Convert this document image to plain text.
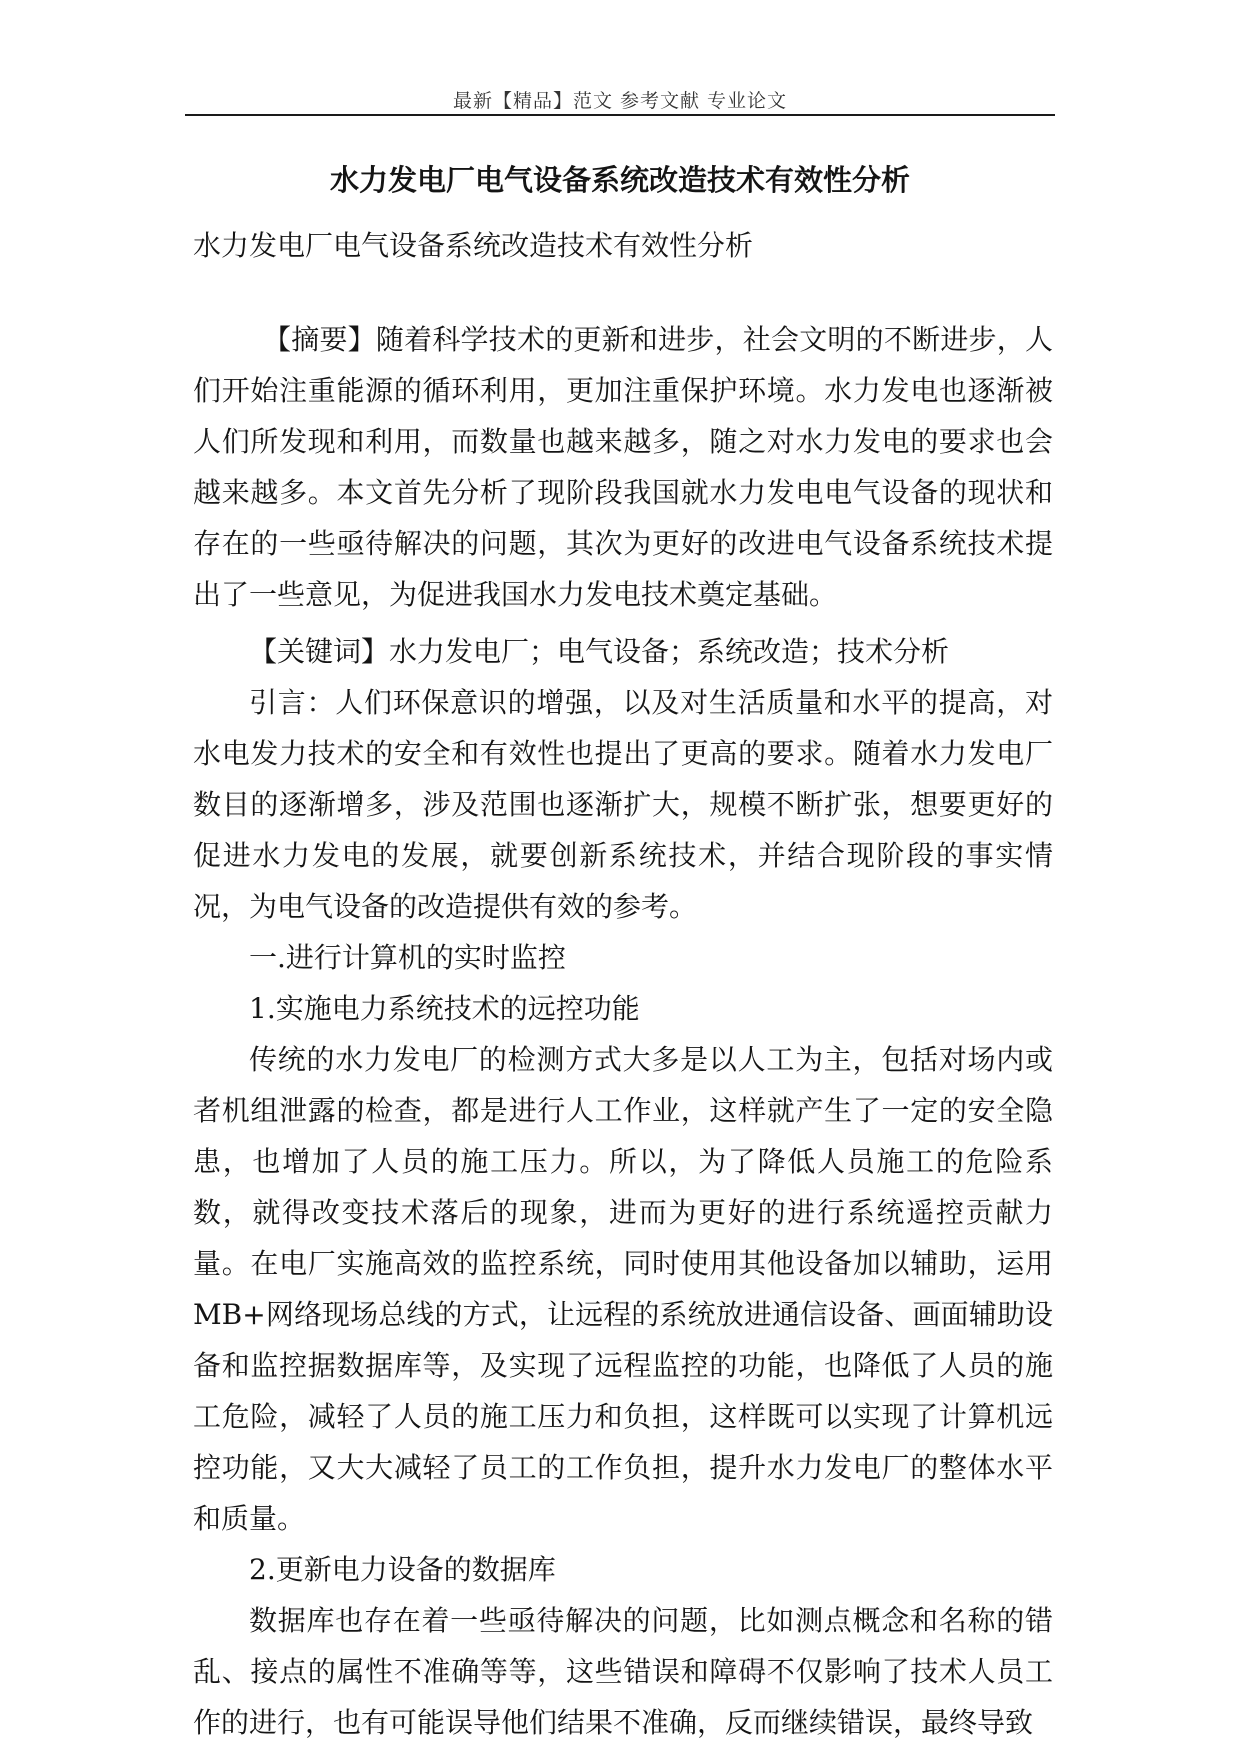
最新【精品】范文 参考文献 专业论文
水力发电厂电气设备系统改造技术有效性分析

水力发电厂电气设备系统改造技术有效性分析

【摘要】随着科学技术的更新和进步，社会文明的不断进步，人们开始注重能源的循环利用，更加注重保护环境。水力发电也逐渐被人们所发现和利用，而数量也越来越多，随之对水力发电的要求也会越来越多。本文首先分析了现阶段我国就水力发电电气设备的现状和存在的一些亟待解决的问题，其次为更好的改进电气设备系统技术提出了一些意见，为促进我国水力发电技术奠定基础。

【关键词】水力发电厂；电气设备；系统改造；技术分析

引言：人们环保意识的增强，以及对生活质量和水平的提高，对水电发力技术的安全和有效性也提出了更高的要求。随着水力发电厂数目的逐渐增多，涉及范围也逐渐扩大，规模不断扩张，想要更好的促进水力发电的发展，就要创新系统技术，并结合现阶段的事实情况，为电气设备的改造提供有效的参考。

一.进行计算机的实时监控

1.实施电力系统技术的远控功能

传统的水力发电厂的检测方式大多是以人工为主，包括对场内或者机组泄露的检查，都是进行人工作业，这样就产生了一定的安全隐患，也增加了人员的施工压力。所以，为了降低人员施工的危险系数，就得改变技术落后的现象，进而为更好的进行系统遥控贡献力量。在电厂实施高效的监控系统，同时使用其他设备加以辅助，运用 MB+网络现场总线的方式，让远程的系统放进通信设备、画面辅助设备和监控据数据库等，及实现了远程监控的功能，也降低了人员的施工危险，减轻了人员的施工压力和负担，这样既可以实现了计算机远控功能，又大大减轻了员工的工作负担，提升水力发电厂的整体水平和质量。

2.更新电力设备的数据库

数据库也存在着一些亟待解决的问题，比如测点概念和名称的错乱、接点的属性不准确等等，这些错误和障碍不仅影响了技术人员工作的进行，也有可能误导他们结果不准确，反而继续错误，最终导致
